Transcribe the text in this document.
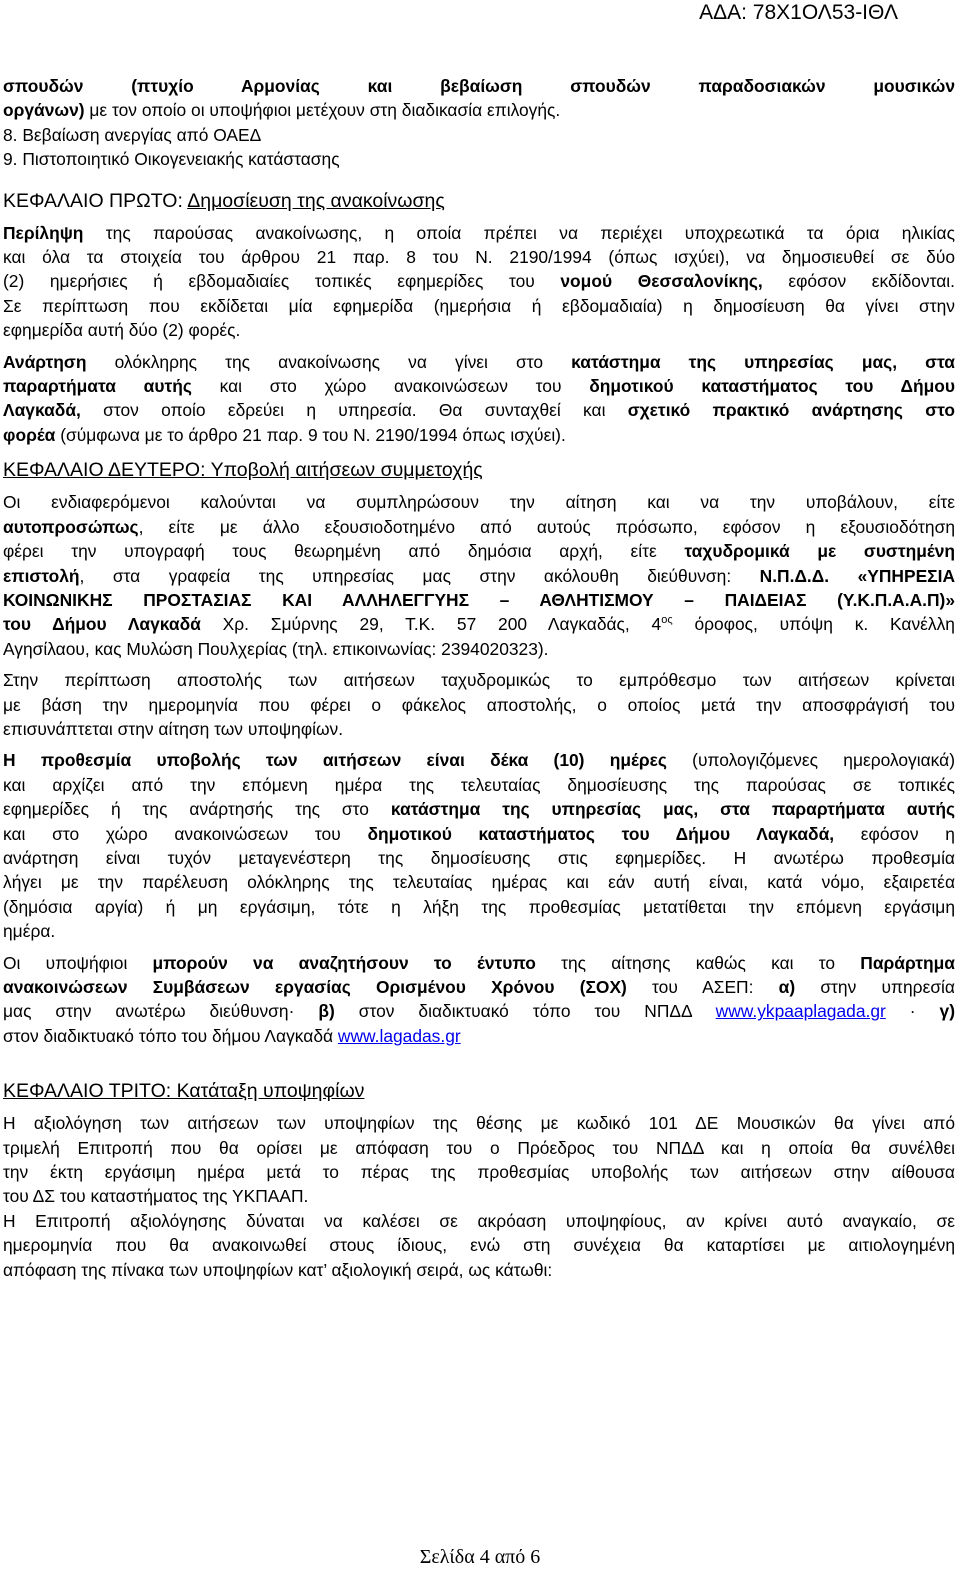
ΑΔΑ: 78Χ1ΟΛ53-ΙΘΛ

σπουδών (πτυχίο Αρμονίας και βεβαίωση σπουδών παραδοσιακών μουσικών

οργάνων) με τον οποίο οι υποψήφιοι μετέχουν στη διαδικασία επιλογής.

8. Βεβαίωση ανεργίας από ΟΑΕΔ

9. Πιστοποιητικό Οικογενειακής κατάστασης

ΚΕΦΑΛΑΙΟ ΠΡΩΤΟ: Δημοσίευση της ανακοίνωσης

Περίληψη της παρούσας ανακοίνωσης, η οποία πρέπει να περιέχει υποχρεωτικά τα όρια ηλικίας

και όλα τα στοιχεία του άρθρου 21 παρ. 8 του Ν. 2190/1994 (όπως ισχύει), να δημοσιευθεί σε δύο

(2) ημερήσιες ή εβδομαδιαίες τοπικές εφημερίδες του νομού Θεσσαλονίκης, εφόσον εκδίδονται.

Σε περίπτωση που εκδίδεται μία εφημερίδα (ημερήσια ή εβδομαδιαία) η δημοσίευση θα γίνει στην

εφημερίδα αυτή δύο (2) φορές.

Ανάρτηση ολόκληρης της ανακοίνωσης να γίνει στο κατάστημα της υπηρεσίας μας, στα

παραρτήματα αυτής και στο χώρο ανακοινώσεων του δημοτικού καταστήματος του Δήμου

Λαγκαδά, στον οποίο εδρεύει η υπηρεσία. Θα συνταχθεί και σχετικό πρακτικό ανάρτησης στο

φορέα (σύμφωνα με το άρθρο 21 παρ. 9 του Ν. 2190/1994 όπως ισχύει).

ΚΕΦΑΛΑΙΟ ΔΕΥΤΕΡΟ: Υποβολή αιτήσεων συμμετοχής

Οι ενδιαφερόμενοι καλούνται να συμπληρώσουν την αίτηση και να την υποβάλουν, είτε

αυτοπροσώπως, είτε με άλλο εξουσιοδοτημένο από αυτούς πρόσωπο, εφόσον η εξουσιοδότηση

φέρει την υπογραφή τους θεωρημένη από δημόσια αρχή, είτε ταχυδρομικά με συστημένη

επιστολή, στα γραφεία της υπηρεσίας μας στην ακόλουθη διεύθυνση: Ν.Π.Δ.Δ. «ΥΠΗΡΕΣΙΑ

ΚΟΙΝΩΝΙΚΗΣ ΠΡΟΣΤΑΣΙΑΣ ΚΑΙ ΑΛΛΗΛΕΓΓΥΗΣ – ΑΘΛΗΤΙΣΜΟΥ – ΠΑΙΔΕΙΑΣ (Υ.Κ.Π.Α.Α.Π)»

του Δήμου Λαγκαδά Χρ. Σμύρνης 29, Τ.Κ. 57 200 Λαγκαδάς, $4^{o\varsigma}$ όροφος, υπόψη κ. Κανέλλη

Αγησίλαου, κας Μυλώση Πουλχερίας (τηλ. επικοινωνίας: 2394020323).

Στην περίπτωση αποστολής των αιτήσεων ταχυδρομικώς το εμπρόθεσμο των αιτήσεων κρίνεται

με βάση την ημερομηνία που φέρει ο φάκελος αποστολής, ο οποίος μετά την αποσφράγισή του

επισυνάπτεται στην αίτηση των υποψηφίων.

Η προθεσμία υποβολής των αιτήσεων είναι δέκα (10) ημέρες (υπολογιζόμενες ημερολογιακά)

και αρχίζει από την επόμενη ημέρα της τελευταίας δημοσίευσης της παρούσας σε τοπικές

εφημερίδες ή της ανάρτησής της στο κατάστημα της υπηρεσίας μας, στα παραρτήματα αυτής

και στο χώρο ανακοινώσεων του δημοτικού καταστήματος του Δήμου Λαγκαδά, εφόσον η

ανάρτηση είναι τυχόν μεταγενέστερη της δημοσίευσης στις εφημερίδες. Η ανωτέρω προθεσμία

λήγει με την παρέλευση ολόκληρης της τελευταίας ημέρας και εάν αυτή είναι, κατά νόμο, εξαιρετέα

(δημόσια αργία) ή μη εργάσιμη, τότε η λήξη της προθεσμίας μετατίθεται την επόμενη εργάσιμη

ημέρα.

Οι υποψήφιοι μπορούν να αναζητήσουν το έντυπο της αίτησης καθώς και το Παράρτημα

ανακοινώσεων Συμβάσεων εργασίας Ορισμένου Χρόνου (ΣΟΧ) του ΑΣΕΠ: α) στην υπηρεσία

μας στην ανωτέρω διεύθυνση· β) στον διαδικτυακό τόπο του ΝΠΔΔ www.ykpaaplagada.gr · γ)

στον διαδικτυακό τόπο του δήμου Λαγκαδά www.lagadas.gr

ΚΕΦΑΛΑΙΟ ΤΡΙΤΟ: Κατάταξη υποψηφίων

Η αξιολόγηση των αιτήσεων των υποψηφίων της θέσης με κωδικό 101 ΔΕ Μουσικών θα γίνει από

τριμελή Επιτροπή που θα ορίσει με απόφαση του ο Πρόεδρος του ΝΠΔΔ και η οποία θα συνέλθει

την έκτη εργάσιμη ημέρα μετά το πέρας της προθεσμίας υποβολής των αιτήσεων στην αίθουσα

του ΔΣ του καταστήματος της ΥΚΠΑΑΠ.

Η Επιτροπή αξιολόγησης δύναται να καλέσει σε ακρόαση υποψηφίους, αν κρίνει αυτό αναγκαίο, σε

ημερομηνία που θα ανακοινωθεί στους ίδιους, ενώ στη συνέχεια θα καταρτίσει με αιτιολογημένη

απόφαση της πίνακα των υποψηφίων κατ’ αξιολογική σειρά, ως κάτωθι:

Σελίδα 4 από 6
